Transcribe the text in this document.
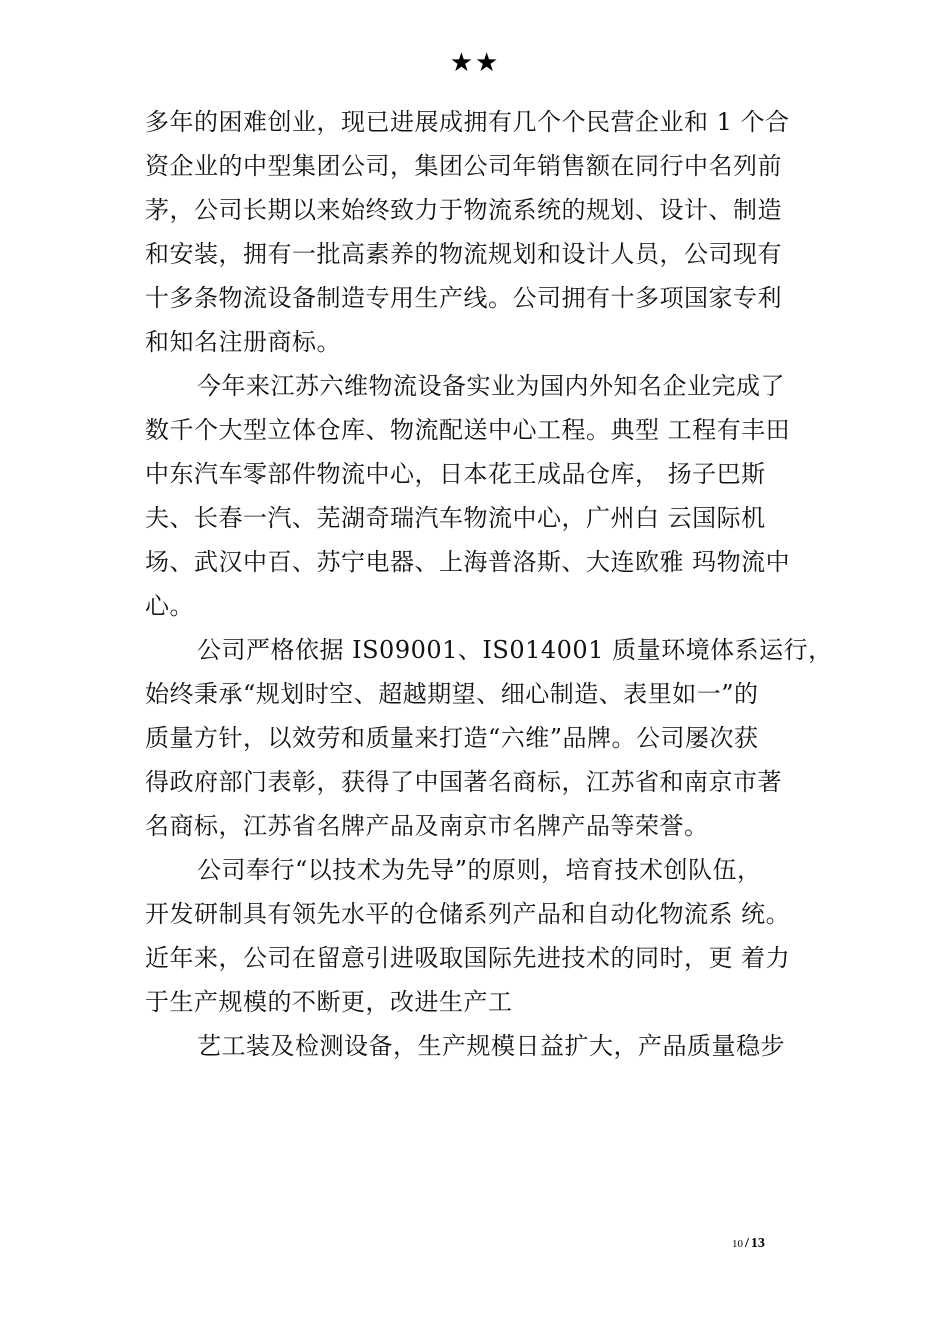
★★
多年的困难创业，现已进展成拥有几个个民营企业和 1 个合
资企业的中型集团公司，集团公司年销售额在同行中名列前
茅，公司长期以来始终致力于物流系统的规划、设计、制造
和安装，拥有一批高素养的物流规划和设计人员，公司现有
十多条物流设备制造专用生产线。公司拥有十多项国家专利
和知名注册商标。
今年来江苏六维物流设备实业为国内外知名企业完成了
数千个大型立体仓库、物流配送中心工程。典型 工程有丰田
中东汽车零部件物流中心，日本花王成品仓库， 扬子巴斯
夫、长春一汽、芜湖奇瑞汽车物流中心，广州白 云国际机
场、武汉中百、苏宁电器、上海普洛斯、大连欧雅 玛物流中
心。
公司严格依据 IS09001、IS014001 质量环境体系运行，
始终秉承“规划时空、超越期望、细心制造、表里如一”的
质量方针，以效劳和质量来打造“六维”品牌。公司屡次获
得政府部门表彰，获得了中国著名商标，江苏省和南京市著
名商标，江苏省名牌产品及南京市名牌产品等荣誉。
公司奉行“以技术为先导”的原则，培育技术创队伍，
开发研制具有领先水平的仓储系列产品和自动化物流系 统。
近年来，公司在留意引进吸取国际先进技术的同时，更 着力
于生产规模的不断更，改进生产工
艺工装及检测设备，生产规模日益扩大，产品质量稳步
10 / 13
